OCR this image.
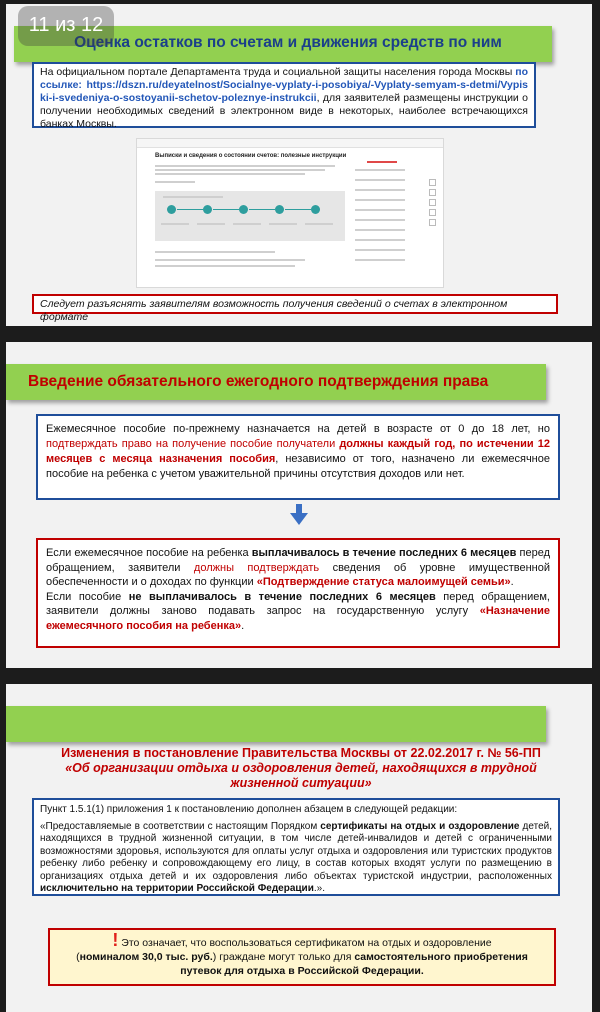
Оценка остатков по счетам и движения средств по ним
На официальном портале Департамента труда и социальной защиты населения города Москвы по ссылке: https://dszn.ru/deyatelnost/Socialnye-vyplaty-i-posobiya/-Vyplaty-semyam-s-detmi/Vypiski-i-svedeniya-o-sostoyanii-schetov-poleznye-instrukcii, для заявителей размещены инструкции о получении необходимых сведений в электронном виде в некоторых, наиболее встречающихся банках Москвы.
Выписки и сведения о состоянии счетов: полезные инструкции
Следует разъяснять заявителям возможность получения сведений о счетах в электронном формате
11 из 12
Введение обязательного ежегодного подтверждения права
Ежемесячное пособие по-прежнему назначается на детей в возрасте от 0 до 18 лет, но подтверждать право на получение пособие получатели должны каждый год, по истечении 12 месяцев с месяца назначения пособия, независимо от того, назначено ли ежемесячное пособие на ребенка с учетом уважительной причины отсутствия доходов или нет.
Если ежемесячное пособие на ребенка выплачивалось в течение последних 6 месяцев перед обращением, заявители должны подтверждать сведения об уровне имущественной обеспеченности и о доходах по функции «Подтверждение статуса малоимущей семьи».
Если пособие не выплачивалось в течение последних 6 месяцев перед обращением, заявители должны заново подавать запрос на государственную услугу «Назначение ежемесячного пособия на ребенка».
Изменения в постановление Правительства Москвы от 22.02.2017 г. № 56-ПП
«Об организации отдыха и оздоровления детей, находящихся в трудной жизненной ситуации»
Пункт 1.5.1(1) приложения 1 к постановлению дополнен абзацем в следующей редакции:
«Предоставляемые в соответствии с настоящим Порядком сертификаты на отдых и оздоровление детей, находящихся в трудной жизненной ситуации, в том числе детей-инвалидов и детей с ограниченными возможностями здоровья, используются для оплаты услуг отдыха и оздоровления или туристских продуктов ребенку либо ребенку и сопровождающему его лицу, в состав которых входят услуги по размещению в организациях отдыха детей и их оздоровления либо объектах туристской индустрии, расположенных исключительно на территории Российской Федерации.».
! Это означает, что воспользоваться сертификатом на отдых и оздоровление
(номиналом 30,0 тыс. руб.) граждане могут только для самостоятельного приобретения путевок для отдыха в Российской Федерации.
